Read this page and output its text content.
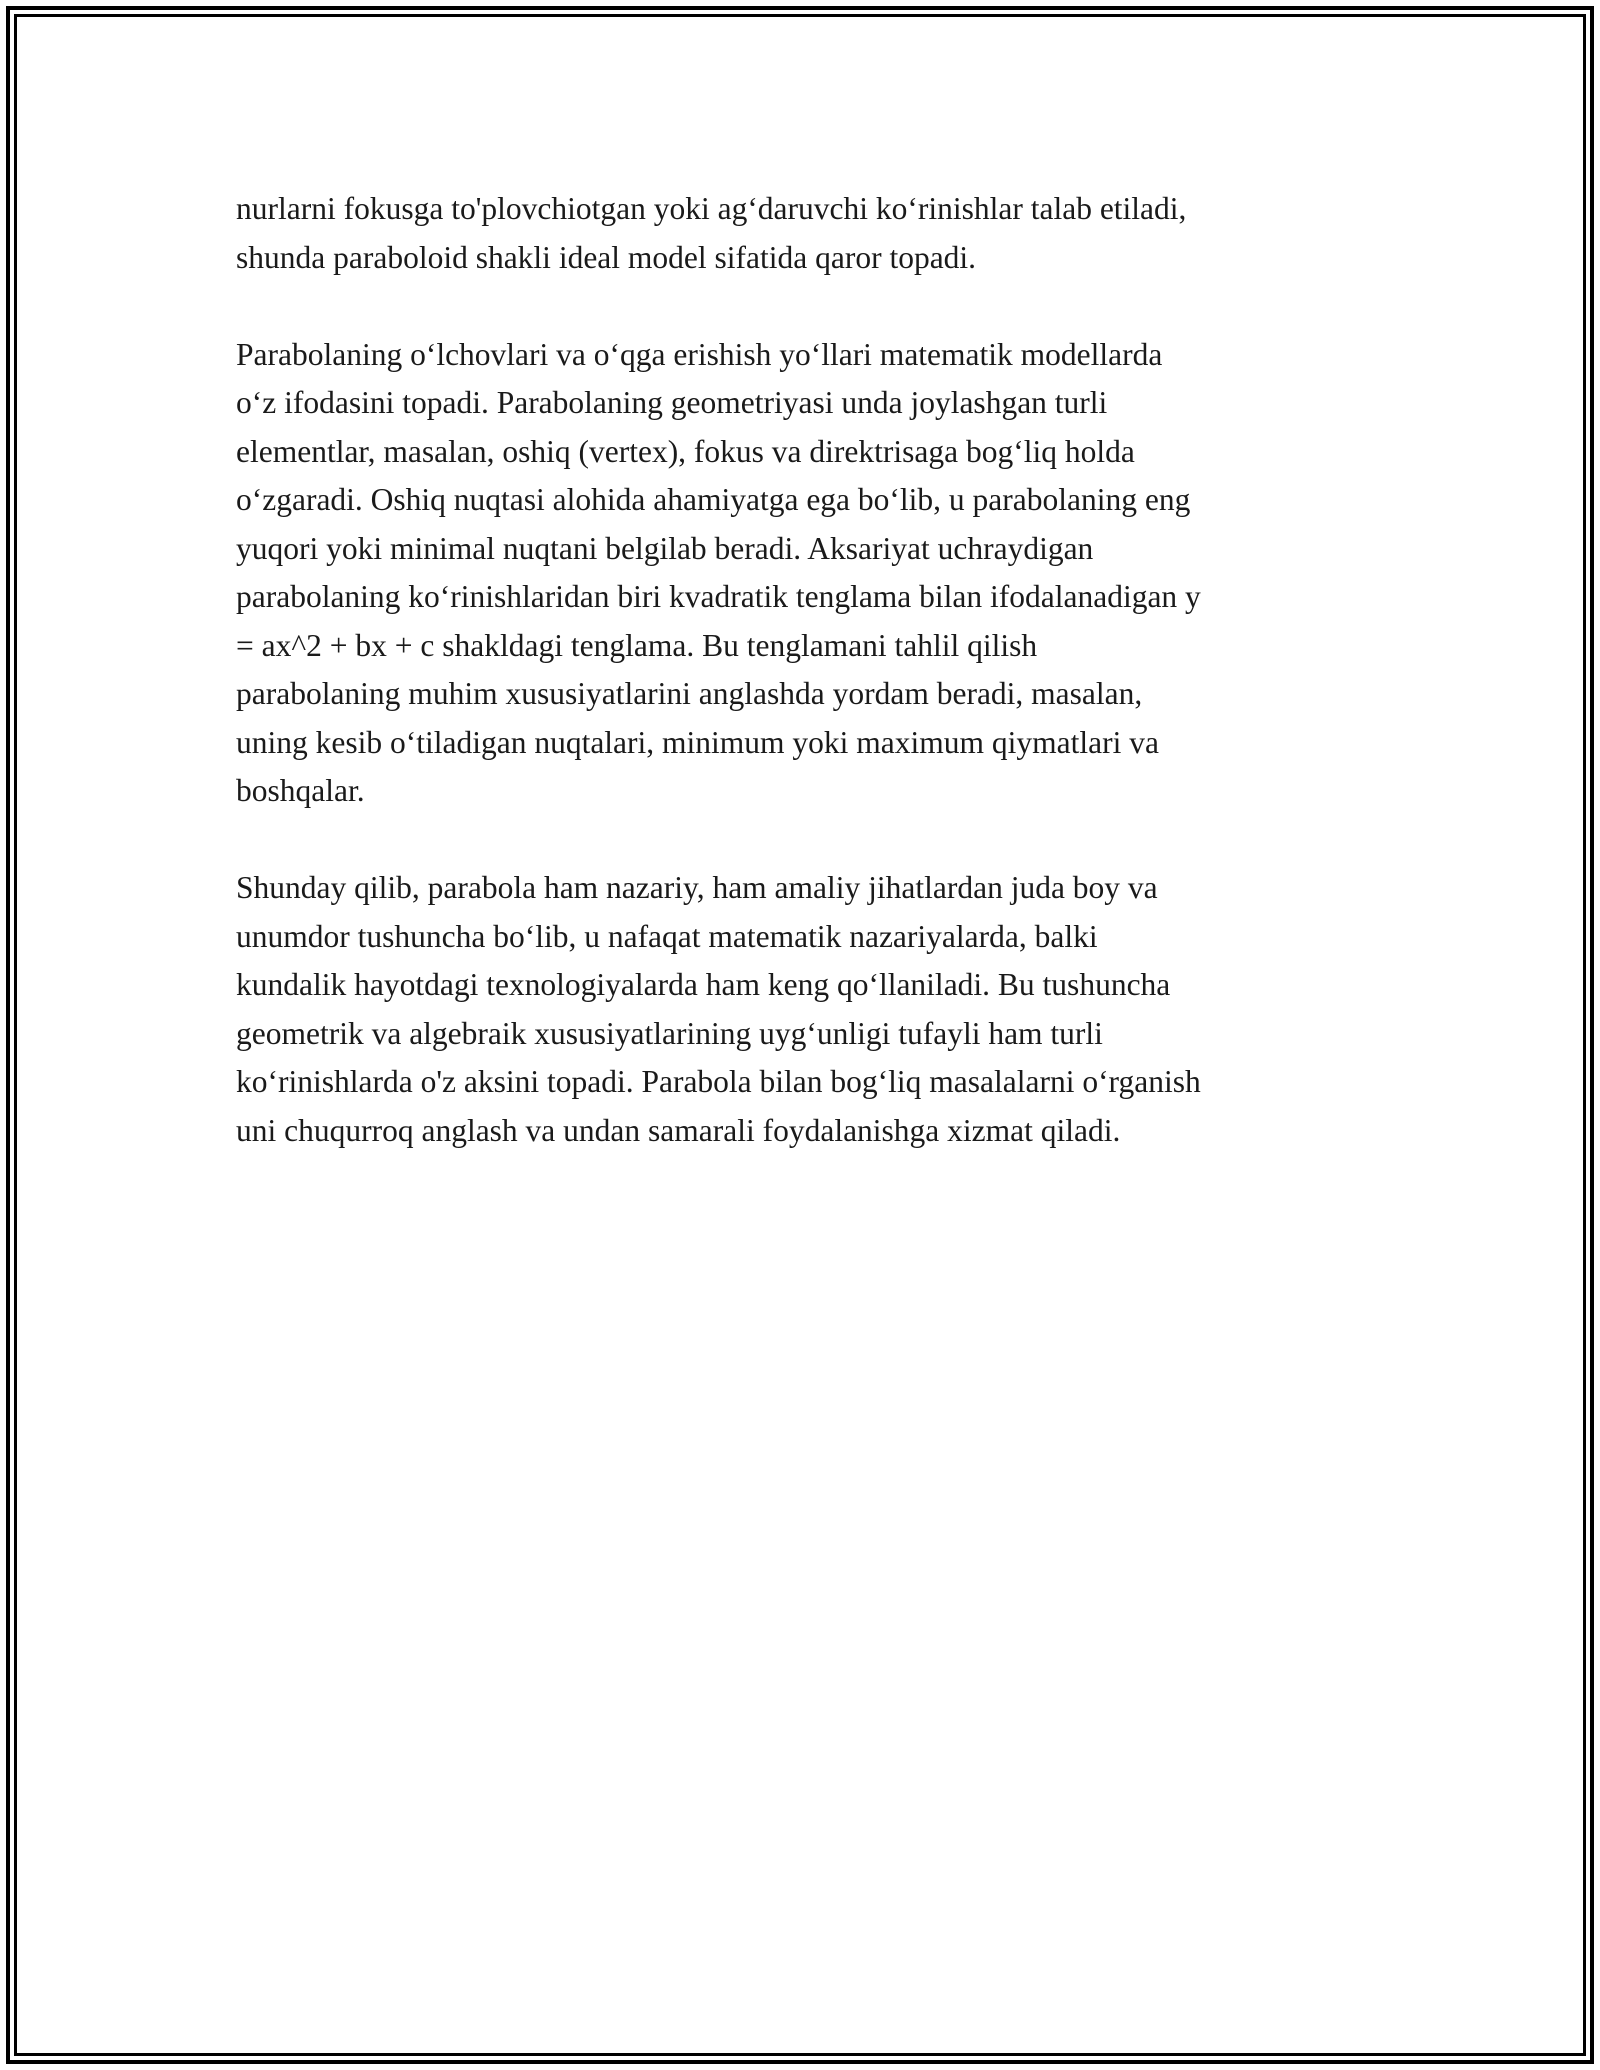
nurlarni fokusga to'plovchiotgan yoki ag‘daruvchi ko‘rinishlar talab etiladi,
shunda paraboloid shakli ideal model sifatida qaror topadi.

Parabolaning o‘lchovlari va o‘qga erishish yo‘llari matematik modellarda
o‘z ifodasini topadi. Parabolaning geometriyasi unda joylashgan turli
elementlar, masalan, oshiq (vertex), fokus va direktrisaga bog‘liq holda
o‘zgaradi. Oshiq nuqtasi alohida ahamiyatga ega bo‘lib, u parabolaning eng
yuqori yoki minimal nuqtani belgilab beradi. Aksariyat uchraydigan
parabolaning ko‘rinishlaridan biri kvadratik tenglama bilan ifodalanadigan y
= ax^2 + bx + c shakldagi tenglama. Bu tenglamani tahlil qilish
parabolaning muhim xususiyatlarini anglashda yordam beradi, masalan,
uning kesib o‘tiladigan nuqtalari, minimum yoki maximum qiymatlari va
boshqalar.

Shunday qilib, parabola ham nazariy, ham amaliy jihatlardan juda boy va
unumdor tushuncha bo‘lib, u nafaqat matematik nazariyalarda, balki
kundalik hayotdagi texnologiyalarda ham keng qo‘llaniladi. Bu tushuncha
geometrik va algebraik xususiyatlarining uyg‘unligi tufayli ham turli
ko‘rinishlarda o'z aksini topadi. Parabola bilan bog‘liq masalalarni o‘rganish
uni chuqurroq anglash va undan samarali foydalanishga xizmat qiladi.
